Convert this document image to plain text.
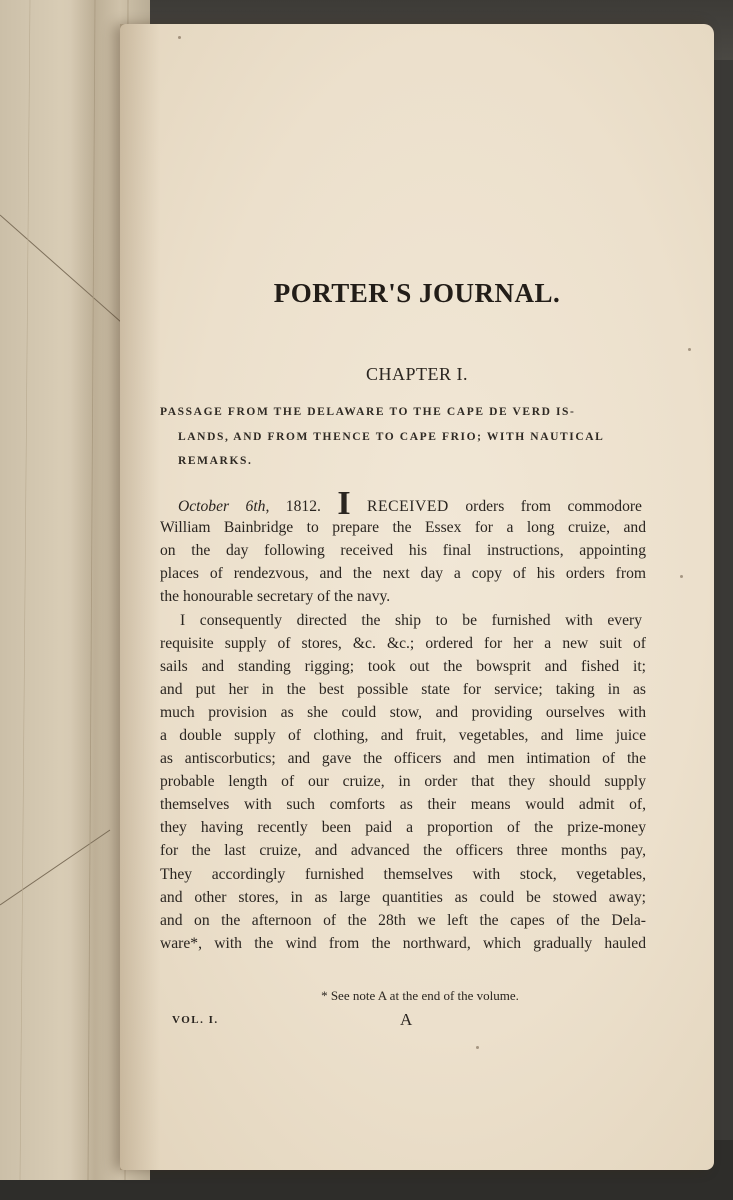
PORTER'S JOURNAL.
CHAPTER I.
PASSAGE FROM THE DELAWARE TO THE CAPE DE VERD IS-
LANDS, AND FROM THENCE TO CAPE FRIO; WITH NAUTICAL
REMARKS.
October 6th, 1812. I RECEIVED orders from commodore
William Bainbridge to prepare the Essex for a long cruize, and
on the day following received his final instructions, appointing
places of rendezvous, and the next day a copy of his orders from
the honourable secretary of the navy.
I consequently directed the ship to be furnished with every
requisite supply of stores, &c. &c.; ordered for her a new suit of
sails and standing rigging; took out the bowsprit and fished it;
and put her in the best possible state for service; taking in as
much provision as she could stow, and providing ourselves with
a double supply of clothing, and fruit, vegetables, and lime juice
as antiscorbutics; and gave the officers and men intimation of the
probable length of our cruize, in order that they should supply
themselves with such comforts as their means would admit of,
they having recently been paid a proportion of the prize-money
for the last cruize, and advanced the officers three months pay,
They accordingly furnished themselves with stock, vegetables,
and other stores, in as large quantities as could be stowed away;
and on the afternoon of the 28th we left the capes of the Dela-
ware*, with the wind from the northward, which gradually hauled
* See note A at the end of the volume.
VOL. I.	A
